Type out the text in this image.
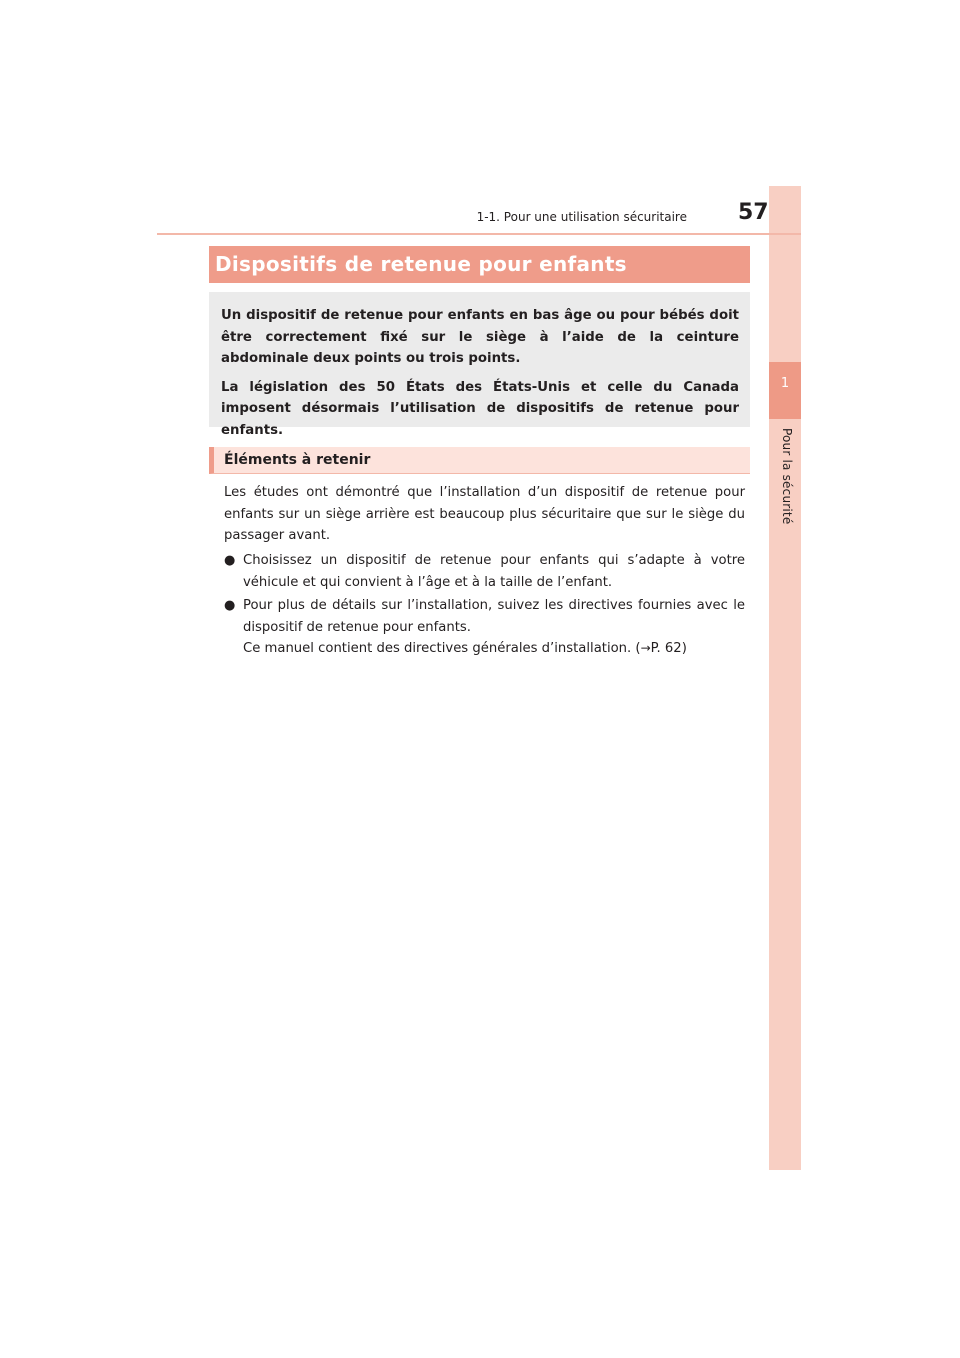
1
Pour la sécurité
1-1. Pour une utilisation sécuritaire 57
Dispositifs de retenue pour enfants

Un dispositif de retenue pour enfants en bas âge ou pour bébés doit être correctement fixé sur le siège à l’aide de la ceinture abdominale deux points ou trois points.

La législation des 50 États des États-Unis et celle du Canada imposent désormais l’utilisation de dispositifs de retenue pour enfants.

Éléments à retenir

Les études ont démontré que l’installation d’un dispositif de retenue pour enfants sur un siège arrière est beaucoup plus sécuritaire que sur le siège du passager avant.

● Choisissez un dispositif de retenue pour enfants qui s’adapte à votre véhicule et qui convient à l’âge et à la taille de l’enfant.
● Pour plus de détails sur l’installation, suivez les directives fournies avec le dispositif de retenue pour enfants.
Ce manuel contient des directives générales d’installation. (→P. 62)
